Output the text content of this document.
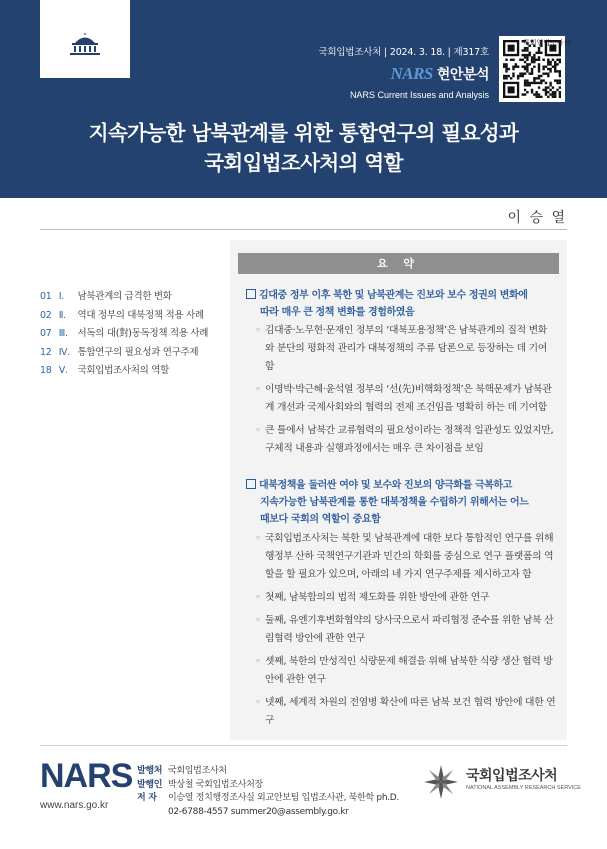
국회입법조사처 | 2024. 3. 18. | 제317호
NARS 현안분석
NARS Current Issues and Analysis
국회입법조사처
지속가능한 남북관계를 위한 통합연구의 필요성과
국회입법조사처의 역할
이 승 열
01 Ⅰ. 남북관계의 급격한 변화
02 Ⅱ. 역대 정부의 대북정책 적용 사례
07 Ⅲ. 서독의 대(對)동독정책 적용 사례
12 Ⅳ. 통합연구의 필요성과 연구주제
18 Ⅴ. 국회입법조사처의 역할
요 약
김대중 정부 이후 북한 및 남북관계는 진보와 보수 정권의 변화에
따라 매우 큰 정책 변화를 경험하였음
◦ 김대중·노무현·문재인 정부의 ‘대북포용정책’은 남북관계의 질적 변화와 분단의 평화적 관리가 대북정책의 주류 담론으로 등장하는 데 기여함
◦ 이명박·박근혜·윤석열 정부의 ‘선(先)비핵화정책’은 북핵문제가 남북관계 개선과 국제사회와의 협력의 전제 조건임을 명확히 하는 데 기여함
◦ 큰 틀에서 남북간 교류협력의 필요성이라는 정책적 일관성도 있었지만, 구체적 내용과 실행과정에서는 매우 큰 차이점을 보임
대북정책을 둘러싼 여야 및 보수와 진보의 양극화를 극복하고
지속가능한 남북관계를 통한 대북정책을 수립하기 위해서는 어느
때보다 국회의 역할이 중요함
◦ 국회입법조사처는 북한 및 남북관계에 대한 보다 통합적인 연구를 위해 행정부 산하 국책연구기관과 민간의 학회를 중심으로 연구 플랫폼의 역할을 할 필요가 있으며, 아래의 네 가지 연구주제를 제시하고자 함
◦ 첫째, 남북합의의 법적 제도화를 위한 방안에 관한 연구
◦ 둘째, 유엔기후변화협약의 당사국으로서 파리협정 준수를 위한 남북 산림협력 방안에 관한 연구
◦ 셋째, 북한의 만성적인 식량문제 해결을 위해 남북한 식량 생산 협력 방안에 관한 연구
◦ 넷째, 세계적 차원의 전염병 확산에 따른 남북 보건 협력 방안에 대한 연구
NARS
www.nars.go.kr
발행처 국회입법조사처
발행인 박상철 국회입법조사처장
저 자 이승열 정치행정조사실 외교안보팀 입법조사관, 북한학 ph.D.
02-6788-4557 summer20@assembly.go.kr
국회입법조사처
NATIONAL ASSEMBLY RESEARCH SERVICE
